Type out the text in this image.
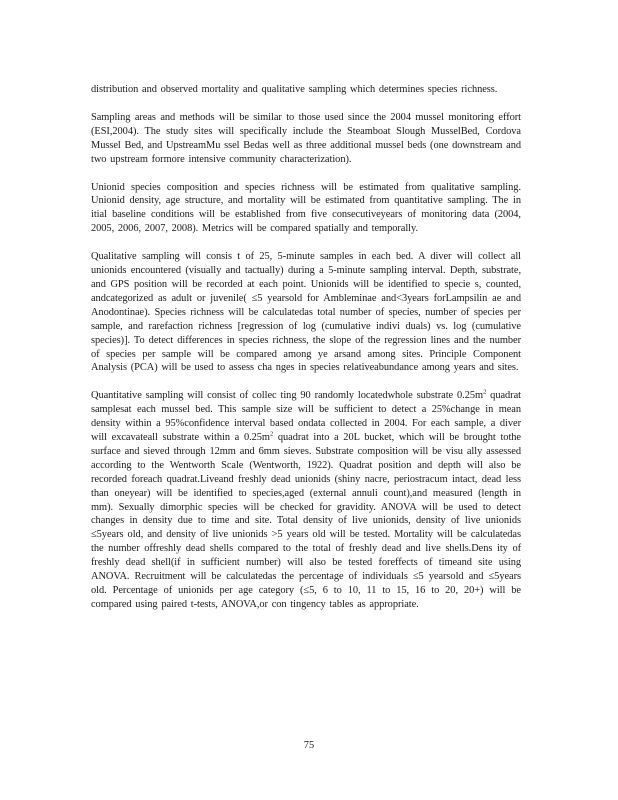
distribution and observed mortality and qualitative sampling which determines species richness.

Sampling areas and methods will be similar to those used since the 2004 mussel monitoring effort (ESI,2004). The study sites will specifically include the Steamboat Slough MusselBed, Cordova Mussel Bed, and UpstreamMu ssel Bedas well as three additional mussel beds (one downstream and two upstream formore intensive community characterization).

Unionid species composition and species richness will be estimated from qualitative sampling. Unionid density, age structure, and mortality will be estimated from quantitative sampling. The in itial baseline conditions will be established from five consecutiveyears of monitoring data (2004, 2005, 2006, 2007, 2008). Metrics will be compared spatially and temporally.

Qualitative sampling will consis t of 25, 5-minute samples in each bed. A diver will collect all unionids encountered (visually and tactually) during a 5-minute sampling interval. Depth, substrate, and GPS position will be recorded at each point. Unionids will be identified to specie s, counted, andcategorized as adult or juvenile( ≤5 yearsold for Ambleminae and<3years forLampsilin ae and Anodontinae). Species richness will be calculatedas total number of species, number of species per sample, and rarefaction richness [regression of log (cumulative indivi duals) vs. log (cumulative species)]. To detect differences in species richness, the slope of the regression lines and the number of species per sample will be compared among ye arsand among sites. Principle Component Analysis (PCA) will be used to assess cha nges in species relativeabundance among years and sites.

Quantitative sampling will consist of collec ting 90 randomly locatedwhole substrate $0.25m^2$ quadrat samplesat each mussel bed. This sample size will be sufficient to detect a 25%change in mean density within a 95%confidence interval based ondata collected in 2004. For each sample, a diver will excavateall substrate within a $0.25m^2$ quadrat into a 20L bucket, which will be brought tothe surface and sieved through 12mm and 6mm sieves. Substrate composition will be visu ally assessed according to the Wentworth Scale (Wentworth, 1922). Quadrat position and depth will also be recorded foreach quadrat.Liveand freshly dead unionids (shiny nacre, periostracum intact, dead less than oneyear) will be identified to species,aged (external annuli count),and measured (length in mm). Sexually dimorphic species will be checked for gravidity. ANOVA will be used to detect changes in density due to time and site. Total density of live unionids, density of live unionids ≤5years old, and density of live unionids >5 years old will be tested. Mortality will be calculatedas the number offreshly dead shells compared to the total of freshly dead and live shells.Dens ity of freshly dead shell(if in sufficient number) will also be tested foreffects of timeand site using ANOVA. Recruitment will be calculatedas the percentage of individuals ≤5 yearsold and ≤5years old. Percentage of unionids per age category (≤5, 6 to 10, 11 to 15, 16 to 20, 20+) will be compared using paired t-tests, ANOVA,or con tingency tables as appropriate.

75
